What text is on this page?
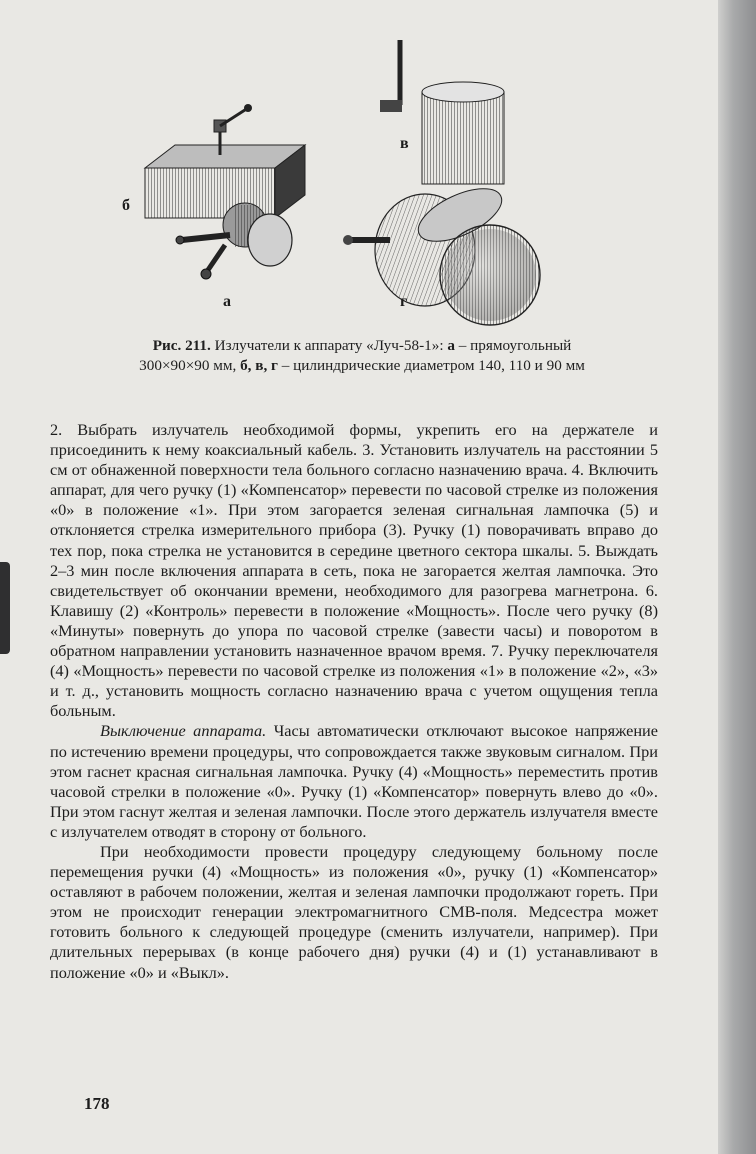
б
в
а	г
Рис. 211. Излучатели к аппарату «Луч-58-1»: а – прямоугольный
300×90×90 мм, б, в, г – цилиндрические диаметром 140, 110 и 90 мм

2. Выбрать излучатель необходимой формы, укрепить его на держателе и присоединить к нему коаксиальный кабель. 3. Установить излучатель на расстоянии 5 см от обнаженной поверхности тела больного согласно назначению врача. 4. Включить аппарат, для чего ручку (1) «Компенсатор» перевести по часовой стрелке из положения «0» в положение «1». При этом загорается зеленая сигнальная лампочка (5) и отклоняется стрелка измерительного прибора (3). Ручку (1) поворачивать вправо до тех пор, пока стрелка не установится в середине цветного сектора шкалы. 5. Выждать 2–3 мин после включения аппарата в сеть, пока не загорается желтая лампочка. Это свидетельствует об окончании времени, необходимого для разогрева магнетрона. 6. Клавишу (2) «Контроль» перевести в положение «Мощность». После чего ручку (8) «Минуты» повернуть до упора по часовой стрелке (завести часы) и поворотом в обратном направлении установить назначенное врачом время. 7. Ручку переключателя (4) «Мощность» перевести по часовой стрелке из положения «1» в положение «2», «3» и т. д., установить мощность согласно назначению врача с учетом ощущения тепла больным.

Выключение аппарата. Часы автоматически отключают высокое напряжение по истечению времени процедуры, что сопровождается также звуковым сигналом. При этом гаснет красная сигнальная лампочка. Ручку (4) «Мощность» переместить против часовой стрелки в положение «0». Ручку (1) «Компенсатор» повернуть влево до «0». При этом гаснут желтая и зеленая лампочки. После этого держатель излучателя вместе с излучателем отводят в сторону от больного.

При необходимости провести процедуру следующему больному после перемещения ручки (4) «Мощность» из положения «0», ручку (1) «Компенсатор» оставляют в рабочем положении, желтая и зеленая лампочки продолжают гореть. При этом не происходит генерации электромагнитного СМВ-поля. Медсестра может готовить больного к следующей процедуре (сменить излучатели, например). При длительных перерывах (в конце рабочего дня) ручки (4) и (1) устанавливают в положение «0» и «Выкл».

178
